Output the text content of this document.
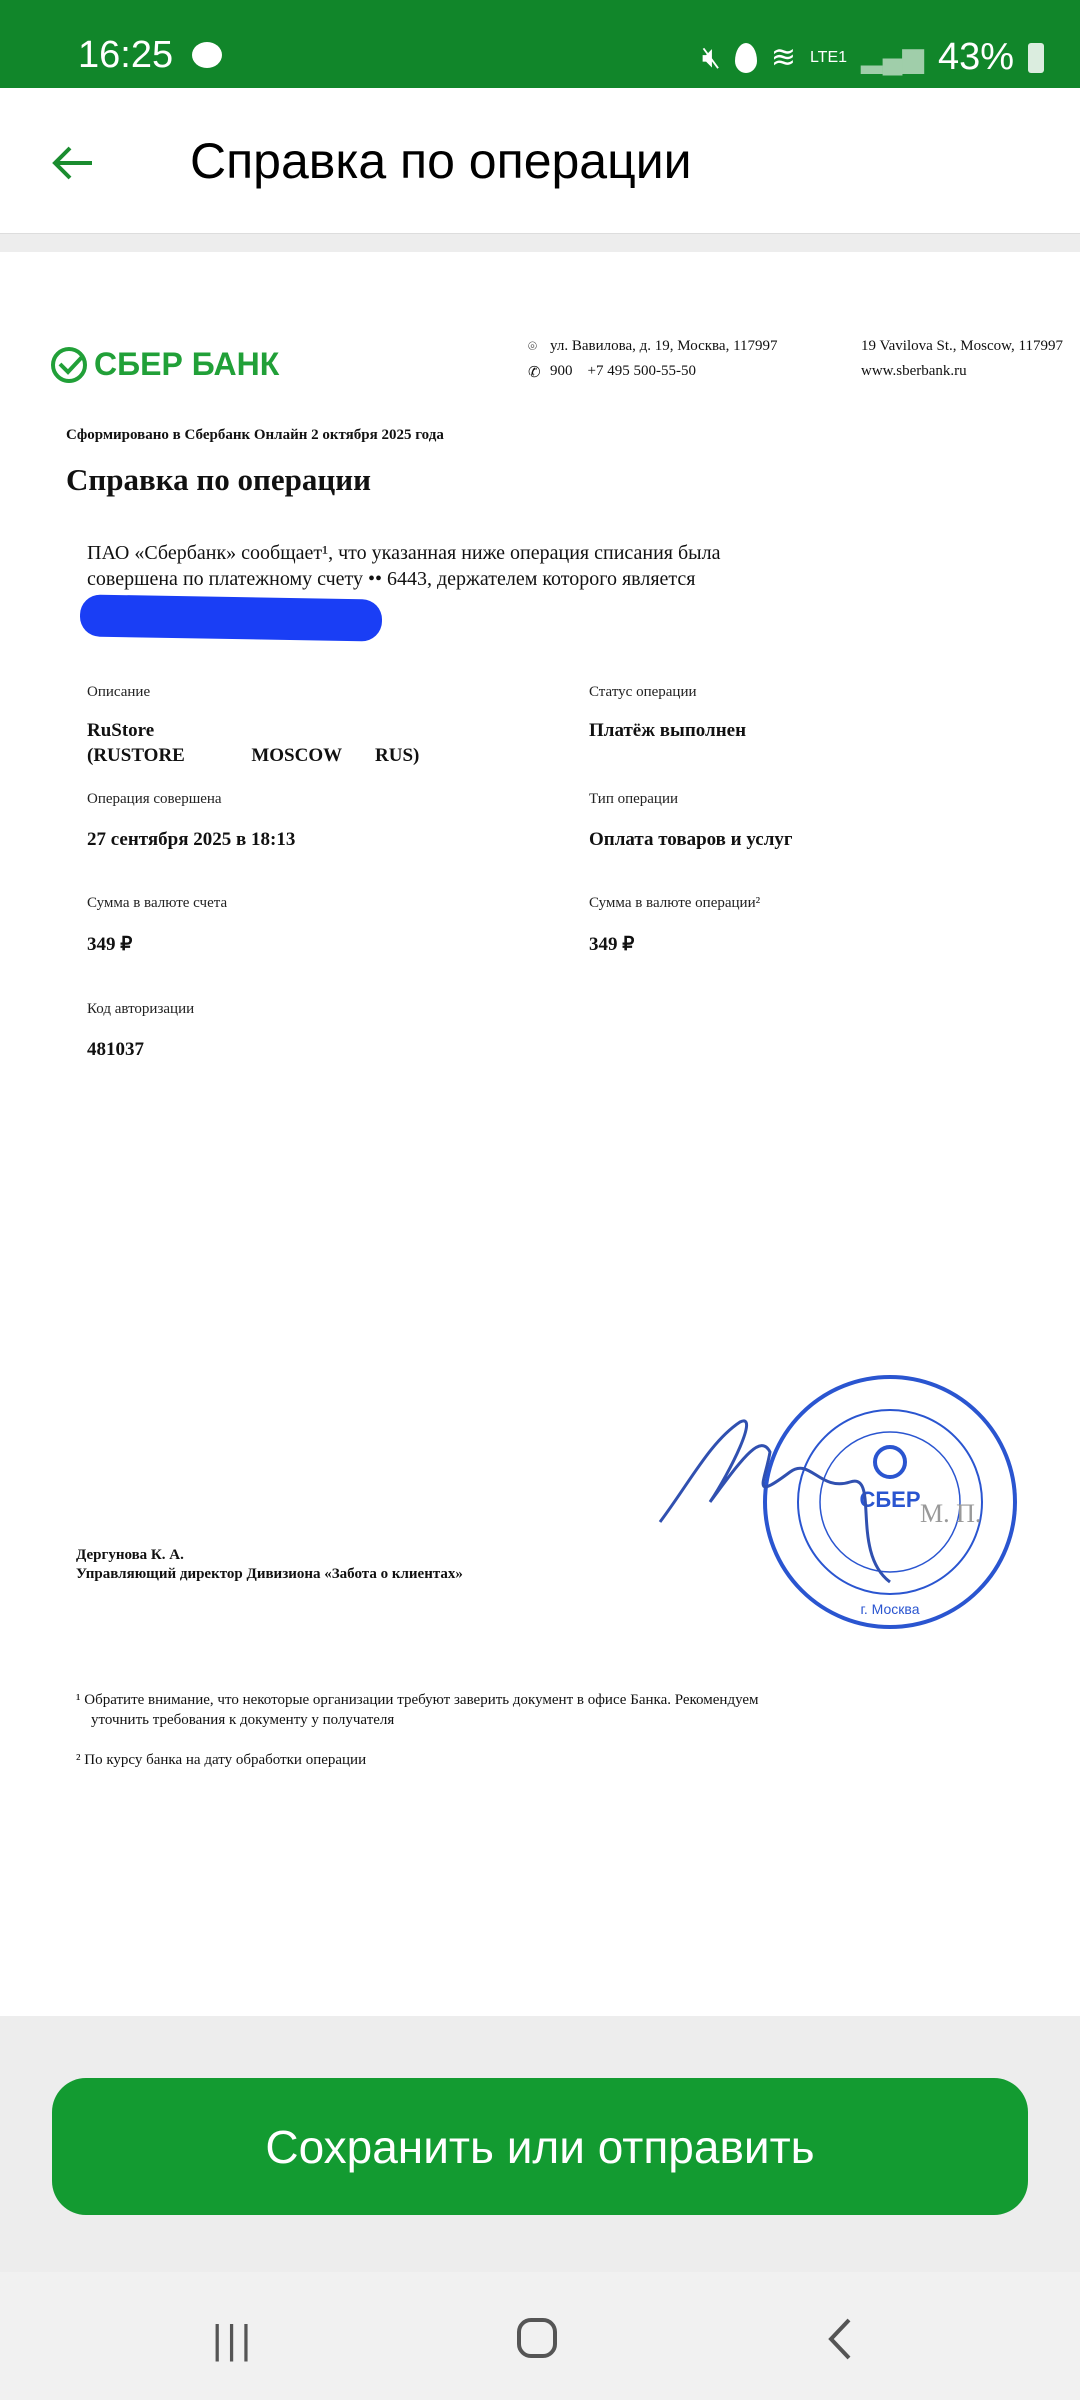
16:25	🔇︎ ≋ LTE1 ▂▄▆ 43%
Справка по операции
СБЕР БАНК	⌾ ул. Вавилова, д. 19, Москва, 117997
✆ 900    +7 495 500-55-50
19 Vavilova St., Moscow, 117997
www.sberbank.ru
Сформировано в Сбербанк Онлайн 2 октября 2025 года
Справка по операции
ПАО «Сбербанк» сообщает¹, что указанная ниже операция списания была
совершена по платежному счету •• 6443, держателем которого является
Описание
RuStore
(RUSTORE              MOSCOW       RUS)
Статус операции
Платёж выполнен
Операция совершена
27 сентября 2025 в 18:13
Тип операции
Оплата товаров и услуг
Сумма в валюте счета
349 ₽
Сумма в валюте операции²
349 ₽
Код авторизации
481037
Дергунова К. А.
Управляющий директор Дивизиона «Забота о клиентах»
СБЕР
г. Москва
М. П.
¹ Обратите внимание, что некоторые организации требуют заверить документ в офисе Банка. Рекомендуем
уточнить требования к документу у получателя
² По курсу банка на дату обработки операции
Сохранить или отправить
|||
